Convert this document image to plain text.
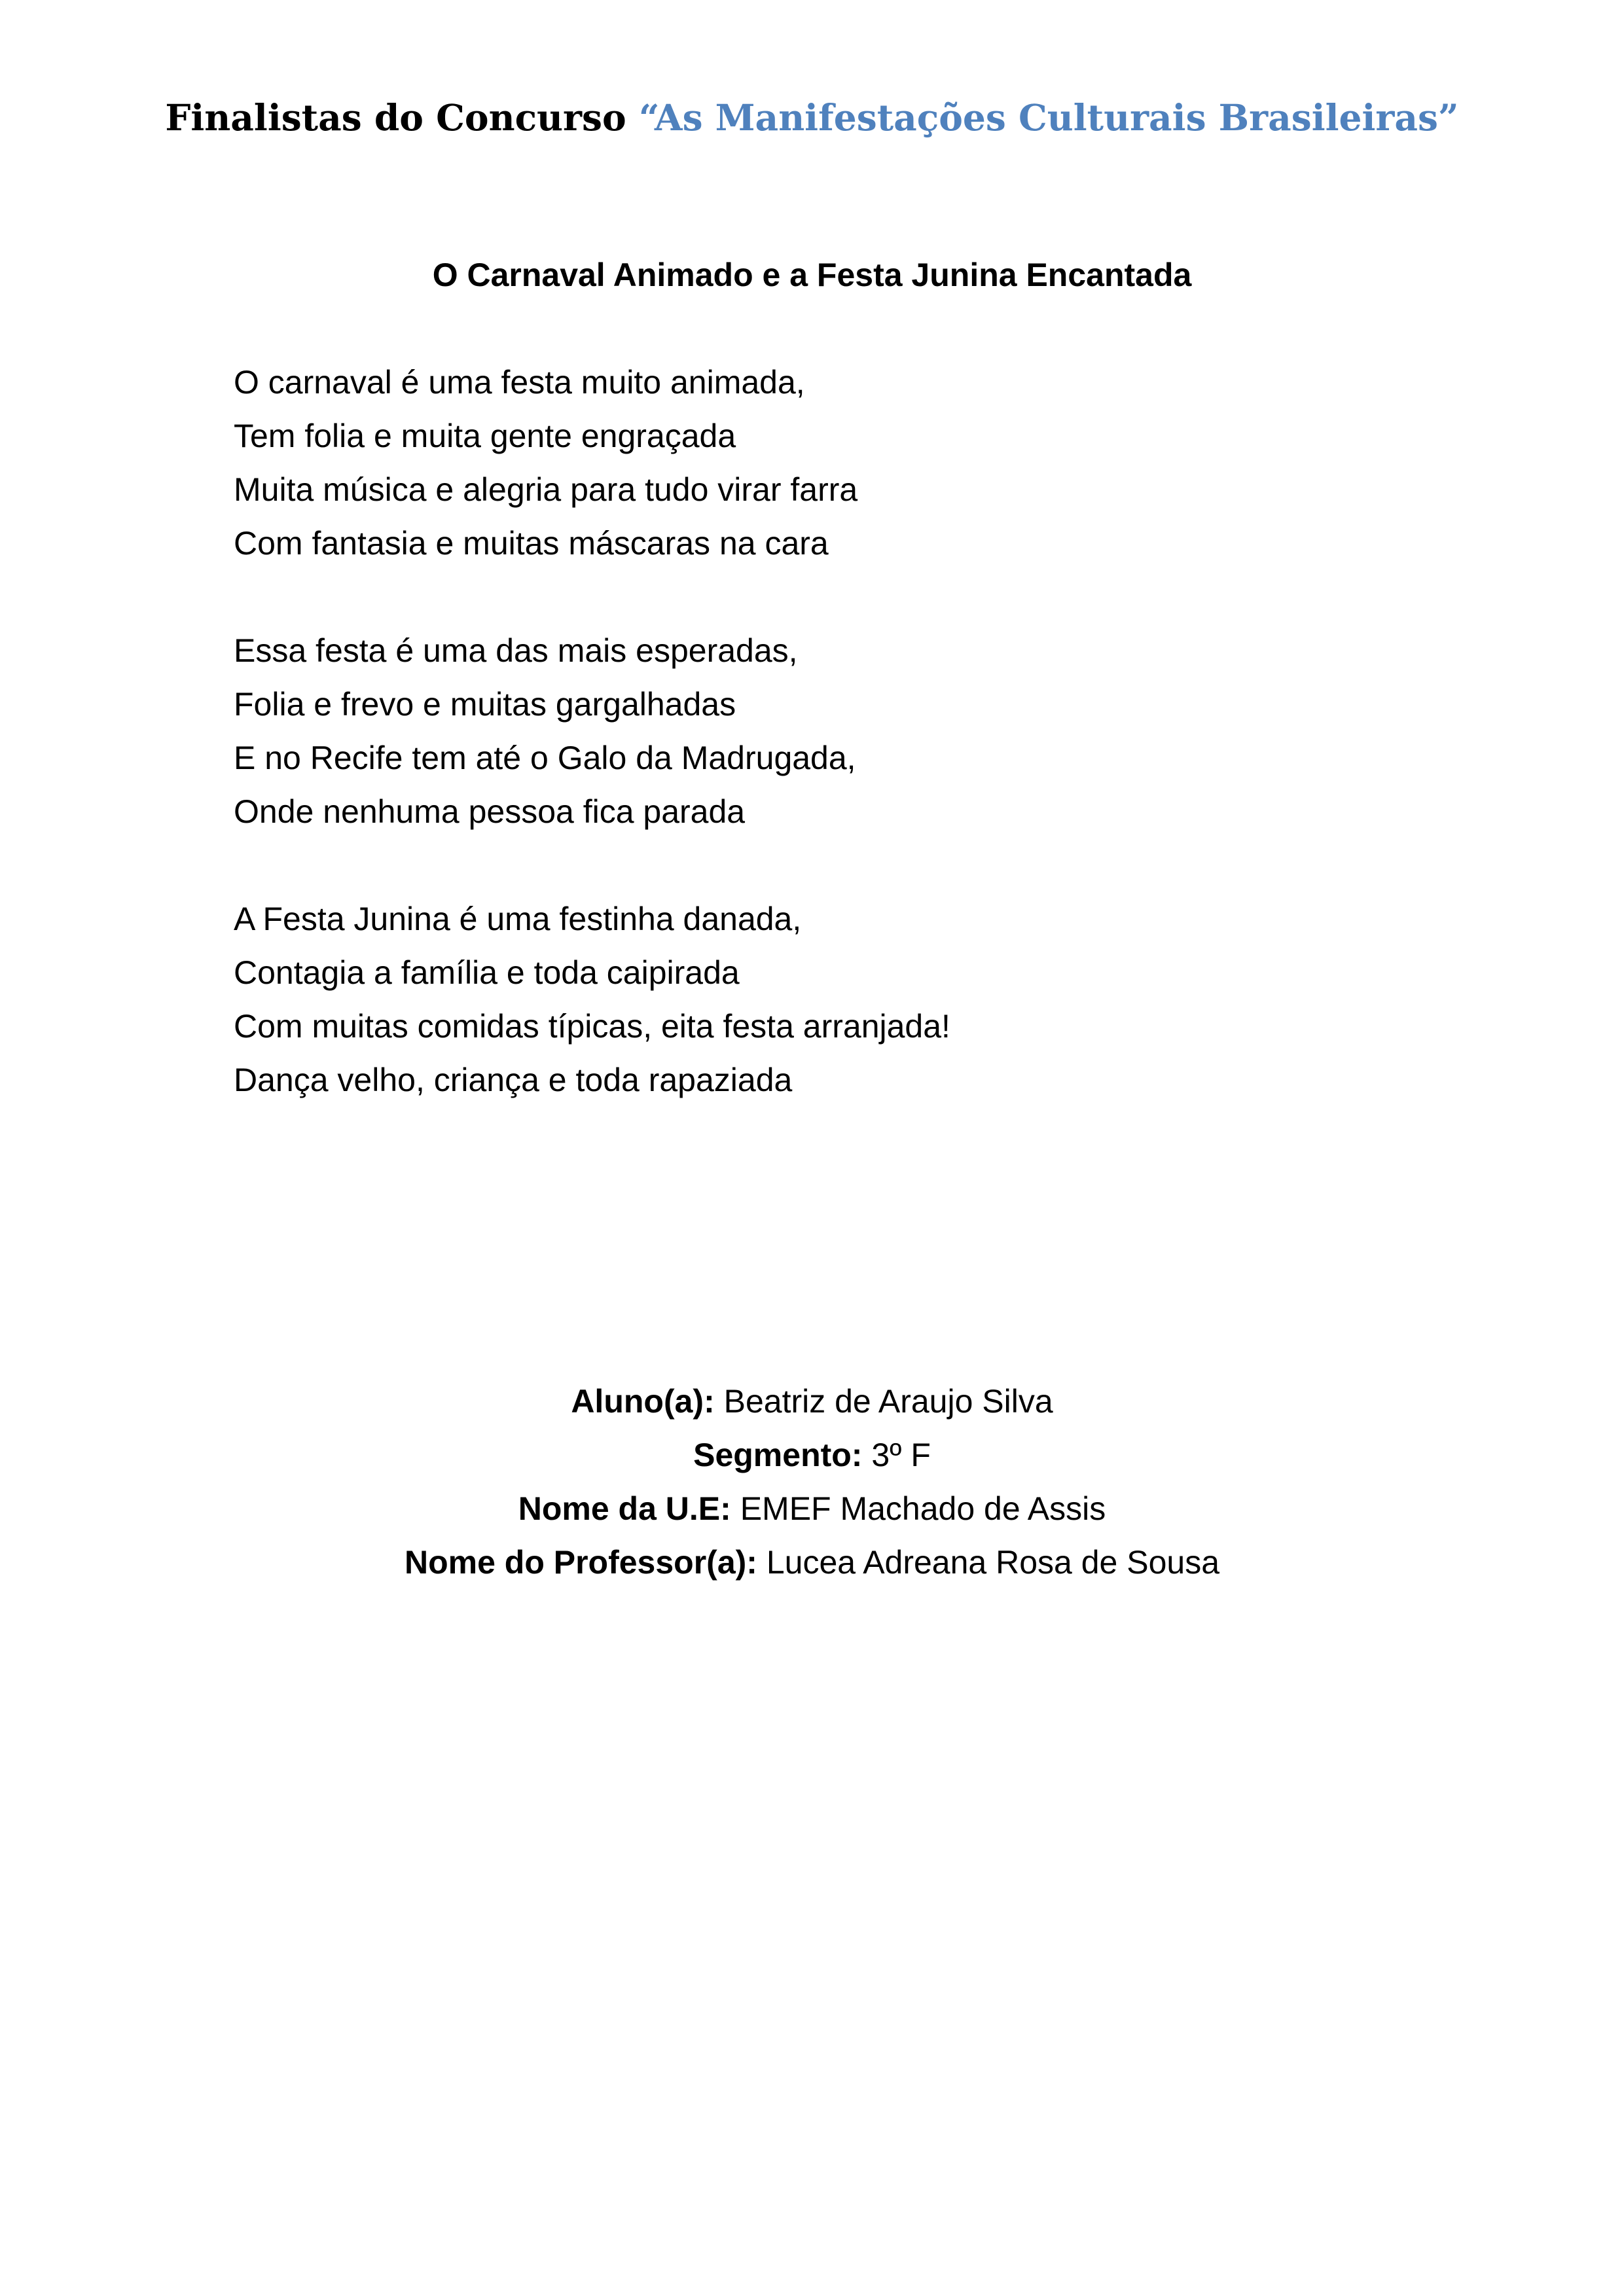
Finalistas do Concurso “As Manifestações Culturais Brasileiras”
O Carnaval Animado e a Festa Junina Encantada
O carnaval é uma festa muito animada,
Tem folia e muita gente engraçada
Muita música e alegria para tudo virar farra
Com fantasia e muitas máscaras na cara
Essa festa é uma das mais esperadas,
Folia e frevo e muitas gargalhadas
E no Recife tem até o Galo da Madrugada,
Onde nenhuma pessoa fica parada
A Festa Junina é uma festinha danada,
Contagia a família e toda caipirada
Com muitas comidas típicas, eita festa arranjada!
Dança velho, criança e toda rapaziada
Aluno(a): Beatriz de Araujo Silva
Segmento: 3º F
Nome da U.E: EMEF Machado de Assis
Nome do Professor(a): Lucea Adreana Rosa de Sousa
